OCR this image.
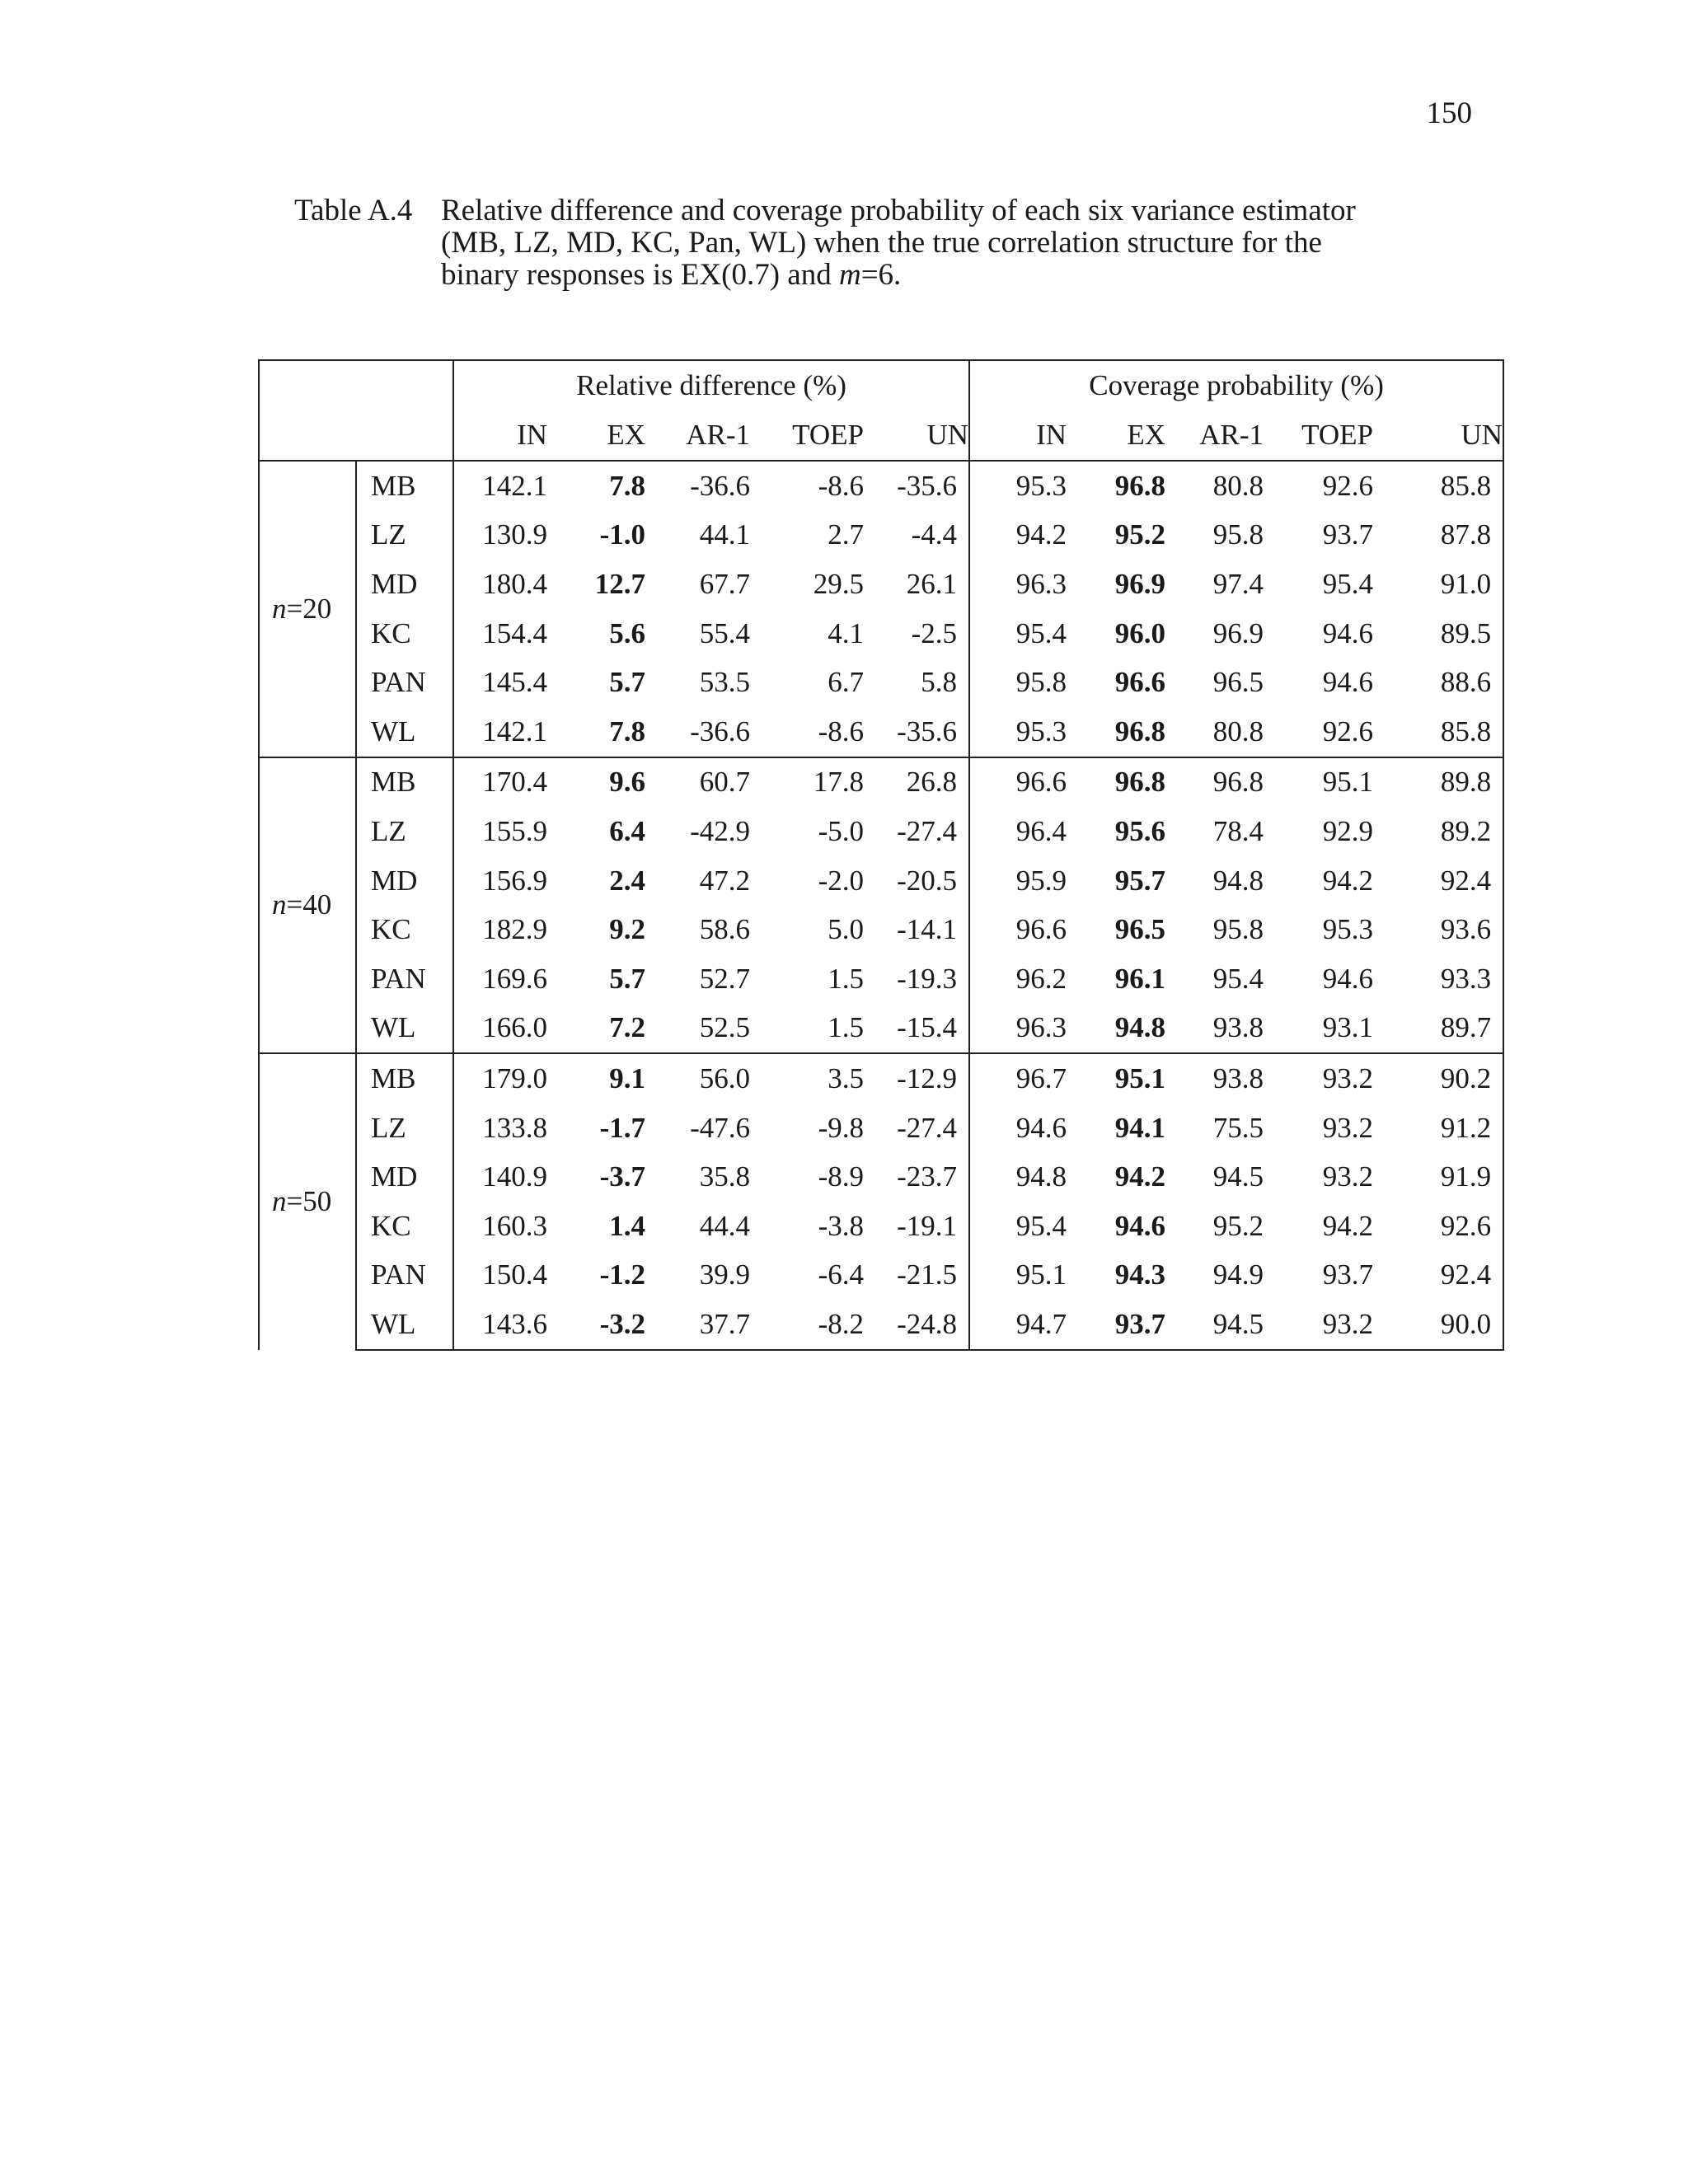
150
Table A.4 Relative difference and coverage probability of each six variance estimator

(MB, LZ, MD, KC, Pan, WL) when the true correlation structure for the

binary responses is EX(0.7) and m=6.

		Relative difference (%)					Coverage probability (%)				
		IN	EX	AR-1	TOEP	UN	IN	EX	AR-1	TOEP	UN
n=20	MB	142.1	7.8	-36.6	-8.6	-35.6	95.3	96.8	80.8	92.6	85.8
	LZ	130.9	-1.0	44.1	2.7	-4.4	94.2	95.2	95.8	93.7	87.8
	MD	180.4	12.7	67.7	29.5	26.1	96.3	96.9	97.4	95.4	91.0
	KC	154.4	5.6	55.4	4.1	-2.5	95.4	96.0	96.9	94.6	89.5
	PAN	145.4	5.7	53.5	6.7	5.8	95.8	96.6	96.5	94.6	88.6
	WL	142.1	7.8	-36.6	-8.6	-35.6	95.3	96.8	80.8	92.6	85.8
n=40	MB	170.4	9.6	60.7	17.8	26.8	96.6	96.8	96.8	95.1	89.8
	LZ	155.9	6.4	-42.9	-5.0	-27.4	96.4	95.6	78.4	92.9	89.2
	MD	156.9	2.4	47.2	-2.0	-20.5	95.9	95.7	94.8	94.2	92.4
	KC	182.9	9.2	58.6	5.0	-14.1	96.6	96.5	95.8	95.3	93.6
	PAN	169.6	5.7	52.7	1.5	-19.3	96.2	96.1	95.4	94.6	93.3
	WL	166.0	7.2	52.5	1.5	-15.4	96.3	94.8	93.8	93.1	89.7
n=50	MB	179.0	9.1	56.0	3.5	-12.9	96.7	95.1	93.8	93.2	90.2
	LZ	133.8	-1.7	-47.6	-9.8	-27.4	94.6	94.1	75.5	93.2	91.2
	MD	140.9	-3.7	35.8	-8.9	-23.7	94.8	94.2	94.5	93.2	91.9
	KC	160.3	1.4	44.4	-3.8	-19.1	95.4	94.6	95.2	94.2	92.6
	PAN	150.4	-1.2	39.9	-6.4	-21.5	95.1	94.3	94.9	93.7	92.4
	WL	143.6	-3.2	37.7	-8.2	-24.8	94.7	93.7	94.5	93.2	90.0
